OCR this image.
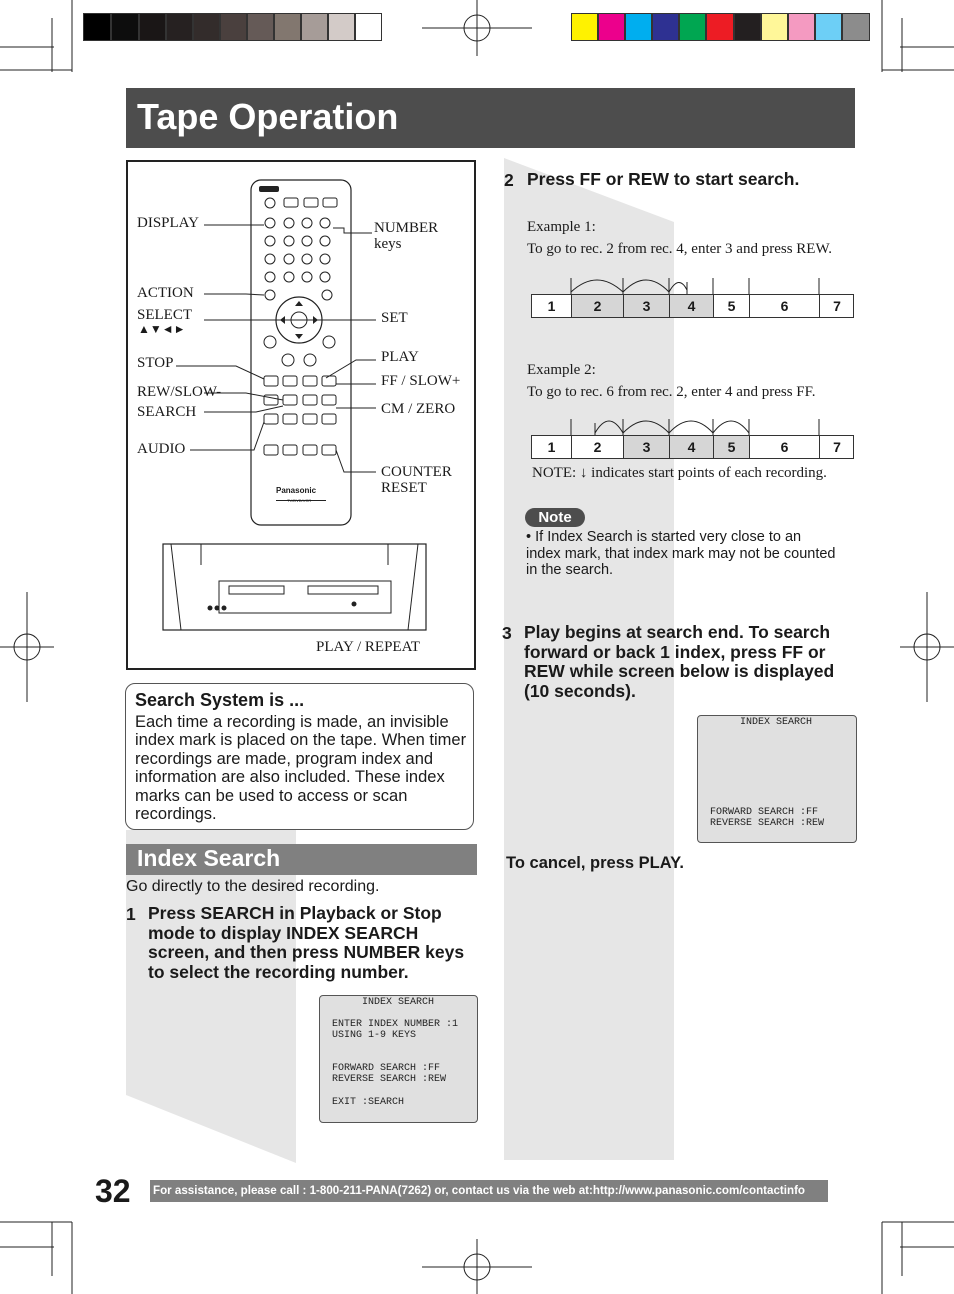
Tape Operation
DISPLAY
ACTION
SELECT
▲▼◄►
STOP
REW/SLOW-
SEARCH
AUDIO
NUMBER
keys
SET
PLAY
FF / SLOW+
CM / ZERO
COUNTER
RESET
PLAY / REPEAT
Panasonic
TV/DVD/VCR
Search System is ...
Each time a recording is made, an invisible index mark is placed on the tape. When timer recordings are made, program index and information are also included. These index marks can be used to access or scan recordings.
Index Search
Go directly to the desired recording.
1 Press SEARCH in Playback or Stop mode to display INDEX SEARCH screen, and then press NUMBER keys to select the recording number.
INDEX SEARCH
ENTER INDEX NUMBER :1
USING 1-9 KEYS
FORWARD SEARCH :FF
REVERSE SEARCH :REW
EXIT :SEARCH
2 Press FF or REW to start search.
Example 1:
To go to rec. 2 from rec. 4, enter 3 and press REW.
1	2	3	4	5	6	7
Example 2:
To go to rec. 6 from rec. 2, enter 4 and press FF.
1	2	3	4	5	6	7
NOTE: ↓ indicates start points of each recording.
Note
• If Index Search is started very close to an index mark, that index mark may not be counted in the search.
3 Play begins at search end. To search forward or back 1 index, press FF or REW while screen below is displayed (10 seconds).
INDEX SEARCH
FORWARD SEARCH :FF
REVERSE SEARCH :REW
To cancel, press PLAY.
32 For assistance, please call : 1-800-211-PANA(7262) or, contact us via the web at:http://www.panasonic.com/contactinfo
